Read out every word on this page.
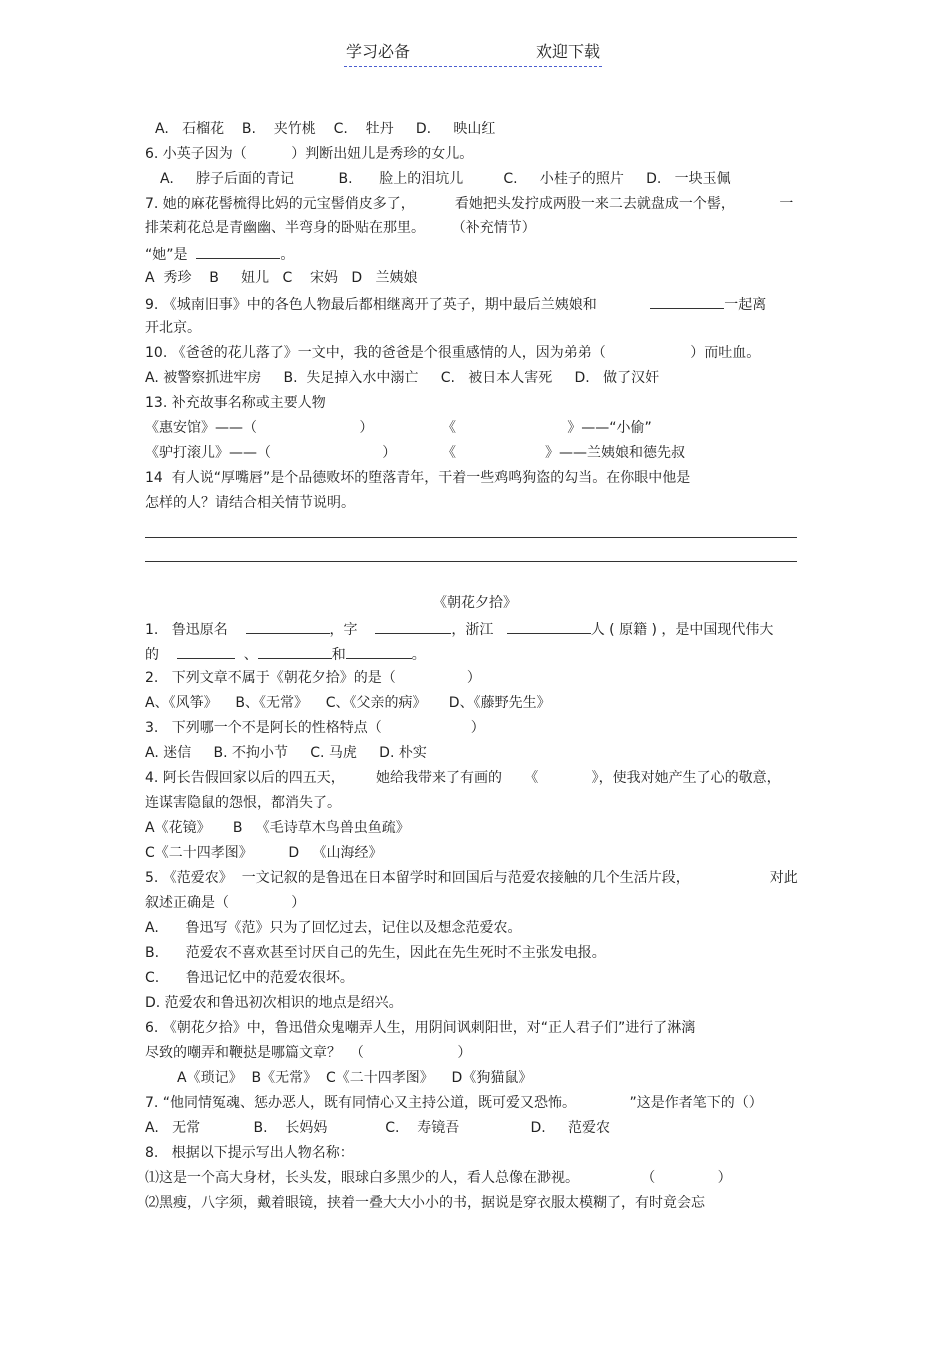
学习必备	欢迎下载
A.   石榴花    B.    夹竹桃    C.    牡丹     D.     映山红
6. 小英子因为（          ）判断出妞儿是秀珍的女儿。
A.     脖子后面的青记          B.      脸上的泪坑儿         C.     小桂子的照片     D.   一块玉佩
7. 她的麻花髻梳得比妈的元宝髻俏皮多了，         看她把头发拧成两股一来二去就盘成一个髻，          一
排茉莉花总是青幽幽、半弯身的卧贴在那里。      （补充情节）
“她”是	。
A  秀珍    B     妞儿   C    宋妈   D   兰姨娘
9. 《城南旧事》中的各色人物最后都相继离开了英子，期中最后兰姨娘和	一起离
开北京。
10. 《爸爸的花儿落了》一文中，我的爸爸是个很重感情的人，因为弟弟（                   ）而吐血。
A. 被警察抓进牢房     B.  失足掉入水中溺亡     C.   被日本人害死     D.   做了汉奸
13. 补充故事名称或主要人物
《惠安馆》——（                       ）	《                         》——“小偷”
《驴打滚儿》——（                         ）	《                    》——兰姨娘和德先叔
14  有人说“厚嘴唇”是个品德败坏的堕落青年，干着一些鸡鸣狗盗的勾当。在你眼中他是
怎样的人？请结合相关情节说明。
《朝花夕拾》
1.   鲁迅原名	，字	，浙江	人 ( 原籍 ) ，是中国现代伟大
的	、	和	。
2.   下列文章不属于《朝花夕拾》的是（                ）
A、《风筝》    B、《无常》    C、《父亲的病》     D、《藤野先生》
3.   下列哪一个不是阿长的性格特点（                    ）
A. 迷信     B. 不拘小节     C. 马虎     D. 朴实
4. 阿长告假回家以后的四五天，       她给我带来了有画的     《            》，使我对她产生了心的敬意，
连谋害隐鼠的怨恨，都消失了。
A《花镜》     B   《毛诗草木鸟兽虫鱼疏》
C《二十四孝图》        D   《山海经》
5. 《范爱农》  一文记叙的是鲁迅在日本留学时和回国后与范爱农接触的几个生活片段，                  对此
叙述正确是（              ）
A.      鲁迅写《范》只为了回忆过去，记住以及想念范爱农。
B.      范爱农不喜欢甚至讨厌自己的先生，因此在先生死时不主张发电报。
C.      鲁迅记忆中的范爱农很坏。
D. 范爱农和鲁迅初次相识的地点是绍兴。
6. 《朝花夕拾》中，鲁迅借众鬼嘲弄人生，用阴间讽刺阳世，对“正人君子们”进行了淋漓
尽致的嘲弄和鞭挞是哪篇文章？  （                     ）
A《琐记》  B《无常》  C《二十四孝图》    D《狗猫鼠》
7. “他同情冤魂、惩办恶人，既有同情心又主持公道，既可爱又恐怖。            ”这是作者笔下的（）
A.   无常            B.    长妈妈             C.    寿镜吾                D.     范爱农
8.   根据以下提示写出人物名称：
⑴这是一个高大身材，长头发，眼球白多黑少的人，看人总像在渺视。              （              ）
⑵黑瘦，八字须，戴着眼镜，挟着一叠大大小小的书，据说是穿衣服太模糊了，有时竟会忘
